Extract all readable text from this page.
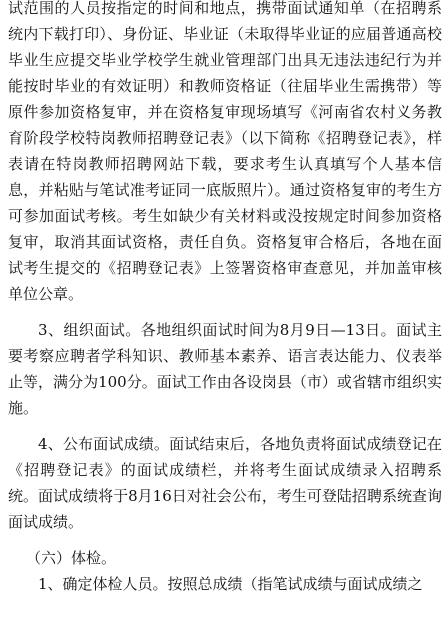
试范围的人员按指定的时间和地点，携带面试通知单（在招聘系统内下载打印）、身份证、毕业证（未取得毕业证的应届普通高校毕业生应提交毕业学校学生就业管理部门出具无违法违纪行为并能按时毕业的有效证明）和教师资格证（往届毕业生需携带）等原件参加资格复审，并在资格复审现场填写《河南省农村义务教育阶段学校特岗教师招聘登记表》（以下简称《招聘登记表》，样表请在特岗教师招聘网站下载，要求考生认真填写个人基本信息，并粘贴与笔试准考证同一底版照片）。通过资格复审的考生方可参加面试考核。考生如缺少有关材料或没按规定时间参加资格复审，取消其面试资格，责任自负。资格复审合格后，各地在面试考生提交的《招聘登记表》上签署资格审查意见，并加盖审核单位公章。

3、组织面试。各地组织面试时间为8月9日—13日。面试主要考察应聘者学科知识、教师基本素养、语言表达能力、仪表举止等，满分为100分。面试工作由各设岗县（市）或省辖市组织实施。

4、公布面试成绩。面试结束后，各地负责将面试成绩登记在《招聘登记表》的面试成绩栏，并将考生面试成绩录入招聘系统。面试成绩将于8月16日对社会公布，考生可登陆招聘系统查询面试成绩。

（六）体检。

1、确定体检人员。按照总成绩（指笔试成绩与面试成绩之
